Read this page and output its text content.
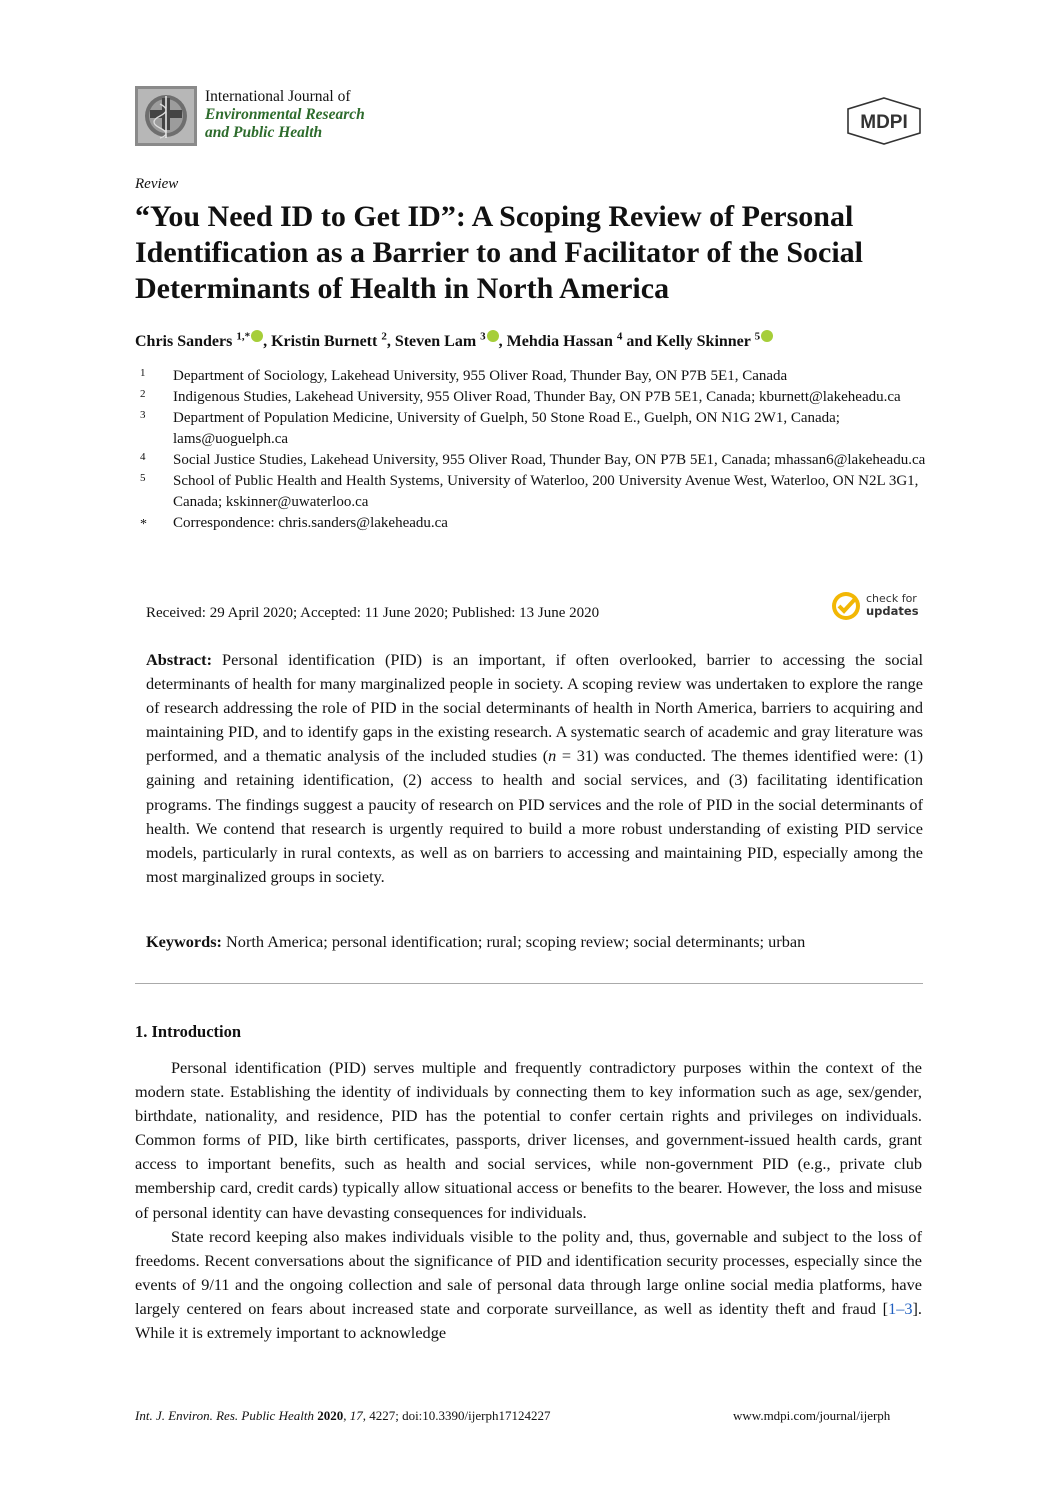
International Journal of
Environmental Research
and Public Health	MDPI
Review
“You Need ID to Get ID”: A Scoping Review of Personal Identification as a Barrier to and Facilitator of the Social Determinants of Health in North America
Chris Sanders $^{1,*}$ , Kristin Burnett $^2$, Steven Lam $^3$ , Mehdia Hassan $^4$ and Kelly Skinner $^5$
1	Department of Sociology, Lakehead University, 955 Oliver Road, Thunder Bay, ON P7B 5E1, Canada
2	Indigenous Studies, Lakehead University, 955 Oliver Road, Thunder Bay, ON P7B 5E1, Canada; kburnett@lakeheadu.ca
3	Department of Population Medicine, University of Guelph, 50 Stone Road E., Guelph, ON N1G 2W1, Canada; lams@uoguelph.ca
4	Social Justice Studies, Lakehead University, 955 Oliver Road, Thunder Bay, ON P7B 5E1, Canada; mhassan6@lakeheadu.ca
5	School of Public Health and Health Systems, University of Waterloo, 200 University Avenue West, Waterloo, ON N2L 3G1, Canada; kskinner@uwaterloo.ca
*	Correspondence: chris.sanders@lakeheadu.ca
Received: 29 April 2020; Accepted: 11 June 2020; Published: 13 June 2020
check for
updates

Abstract: Personal identification (PID) is an important, if often overlooked, barrier to accessing the social determinants of health for many marginalized people in society. A scoping review was undertaken to explore the range of research addressing the role of PID in the social determinants of health in North America, barriers to acquiring and maintaining PID, and to identify gaps in the existing research. A systematic search of academic and gray literature was performed, and a thematic analysis of the included studies (n = 31) was conducted. The themes identified were: (1) gaining and retaining identification, (2) access to health and social services, and (3) facilitating identification programs. The findings suggest a paucity of research on PID services and the role of PID in the social determinants of health. We contend that research is urgently required to build a more robust understanding of existing PID service models, particularly in rural contexts, as well as on barriers to accessing and maintaining PID, especially among the most marginalized groups in society.

Keywords: North America; personal identification; rural; scoping review; social determinants; urban
1. Introduction

Personal identification (PID) serves multiple and frequently contradictory purposes within the context of the modern state. Establishing the identity of individuals by connecting them to key information such as age, sex/gender, birthdate, nationality, and residence, PID has the potential to confer certain rights and privileges on individuals. Common forms of PID, like birth certificates, passports, driver licenses, and government-issued health cards, grant access to important benefits, such as health and social services, while non-government PID (e.g., private club membership card, credit cards) typically allow situational access or benefits to the bearer. However, the loss and misuse of personal identity can have devasting consequences for individuals.

State record keeping also makes individuals visible to the polity and, thus, governable and subject to the loss of freedoms. Recent conversations about the significance of PID and identification security processes, especially since the events of 9/11 and the ongoing collection and sale of personal data through large online social media platforms, have largely centered on fears about increased state and corporate surveillance, as well as identity theft and fraud [1–3]. While it is extremely important to acknowledge

Int. J. Environ. Res. Public Health 2020, 17, 4227; doi:10.3390/ijerph17124227	www.mdpi.com/journal/ijerph
